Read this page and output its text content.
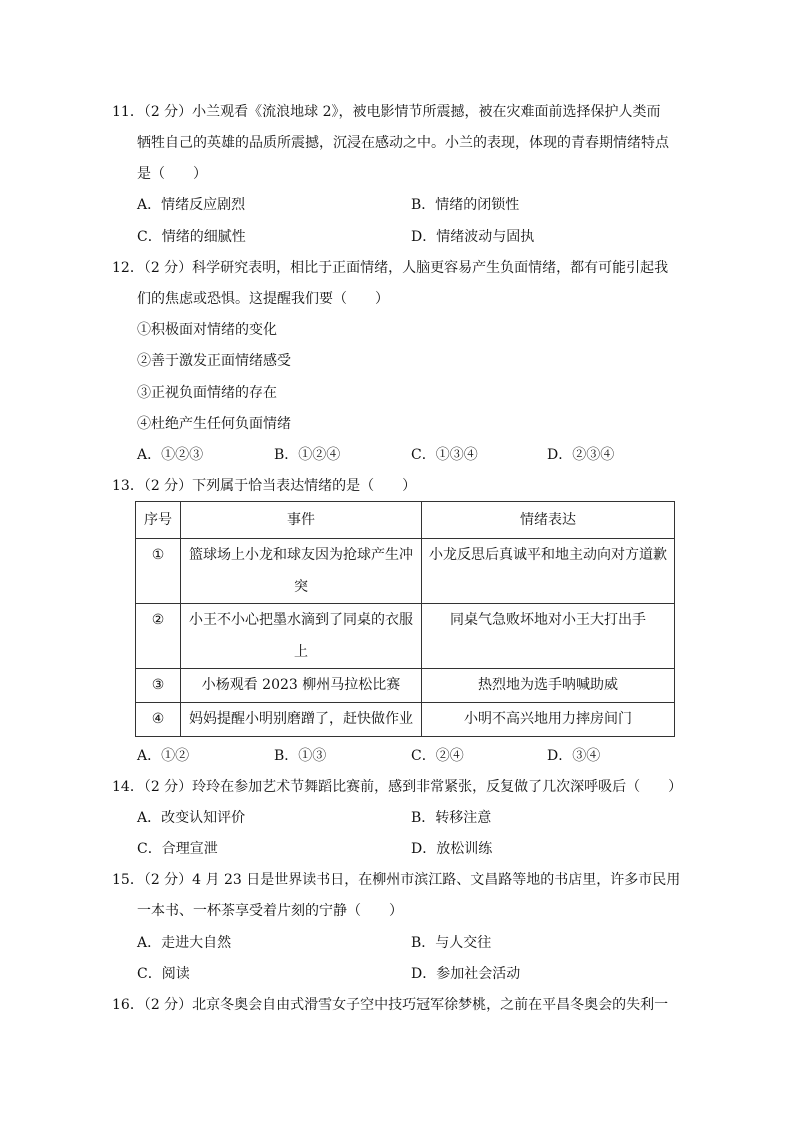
11．（2 分）小兰观看《流浪地球 2》，被电影情节所震撼，被在灾难面前选择保护人类而
牺牲自己的英雄的品质所震撼，沉浸在感动之中。小兰的表现，体现的青春期情绪特点
是（　　）
A．情绪反应剧烈	B．情绪的闭锁性
C．情绪的细腻性	D．情绪波动与固执
12．（2 分）科学研究表明，相比于正面情绪，人脑更容易产生负面情绪，都有可能引起我
们的焦虑或恐惧。这提醒我们要（　　）
①积极面对情绪的变化
②善于激发正面情绪感受
③正视负面情绪的存在
④杜绝产生任何负面情绪
A．①②③	B．①②④	C．①③④	D．②③④
13．（2 分）下列属于恰当表达情绪的是（　　）
序号	事件	情绪表达
①	篮球场上小龙和球友因为抢球产生冲突	小龙反思后真诚平和地主动向对方道歉
②	小王不小心把墨水滴到了同桌的衣服上	同桌气急败坏地对小王大打出手
③	小杨观看 2023 柳州马拉松比赛	热烈地为选手呐喊助威
④	妈妈提醒小明别磨蹭了，赶快做作业	小明不高兴地用力摔房间门
A．①②	B．①③	C．②④	D．③④
14．（2 分）玲玲在参加艺术节舞蹈比赛前，感到非常紧张，反复做了几次深呼吸后（　　）
A．改变认知评价	B．转移注意
C．合理宣泄	D．放松训练
15．（2 分）4 月 23 日是世界读书日，在柳州市滨江路、文昌路等地的书店里，许多市民用
一本书、一杯茶享受着片刻的宁静（　　）
A．走进大自然	B．与人交往
C．阅读	D．参加社会活动
16．（2 分）北京冬奥会自由式滑雪女子空中技巧冠军徐梦桃，之前在平昌冬奥会的失利一
